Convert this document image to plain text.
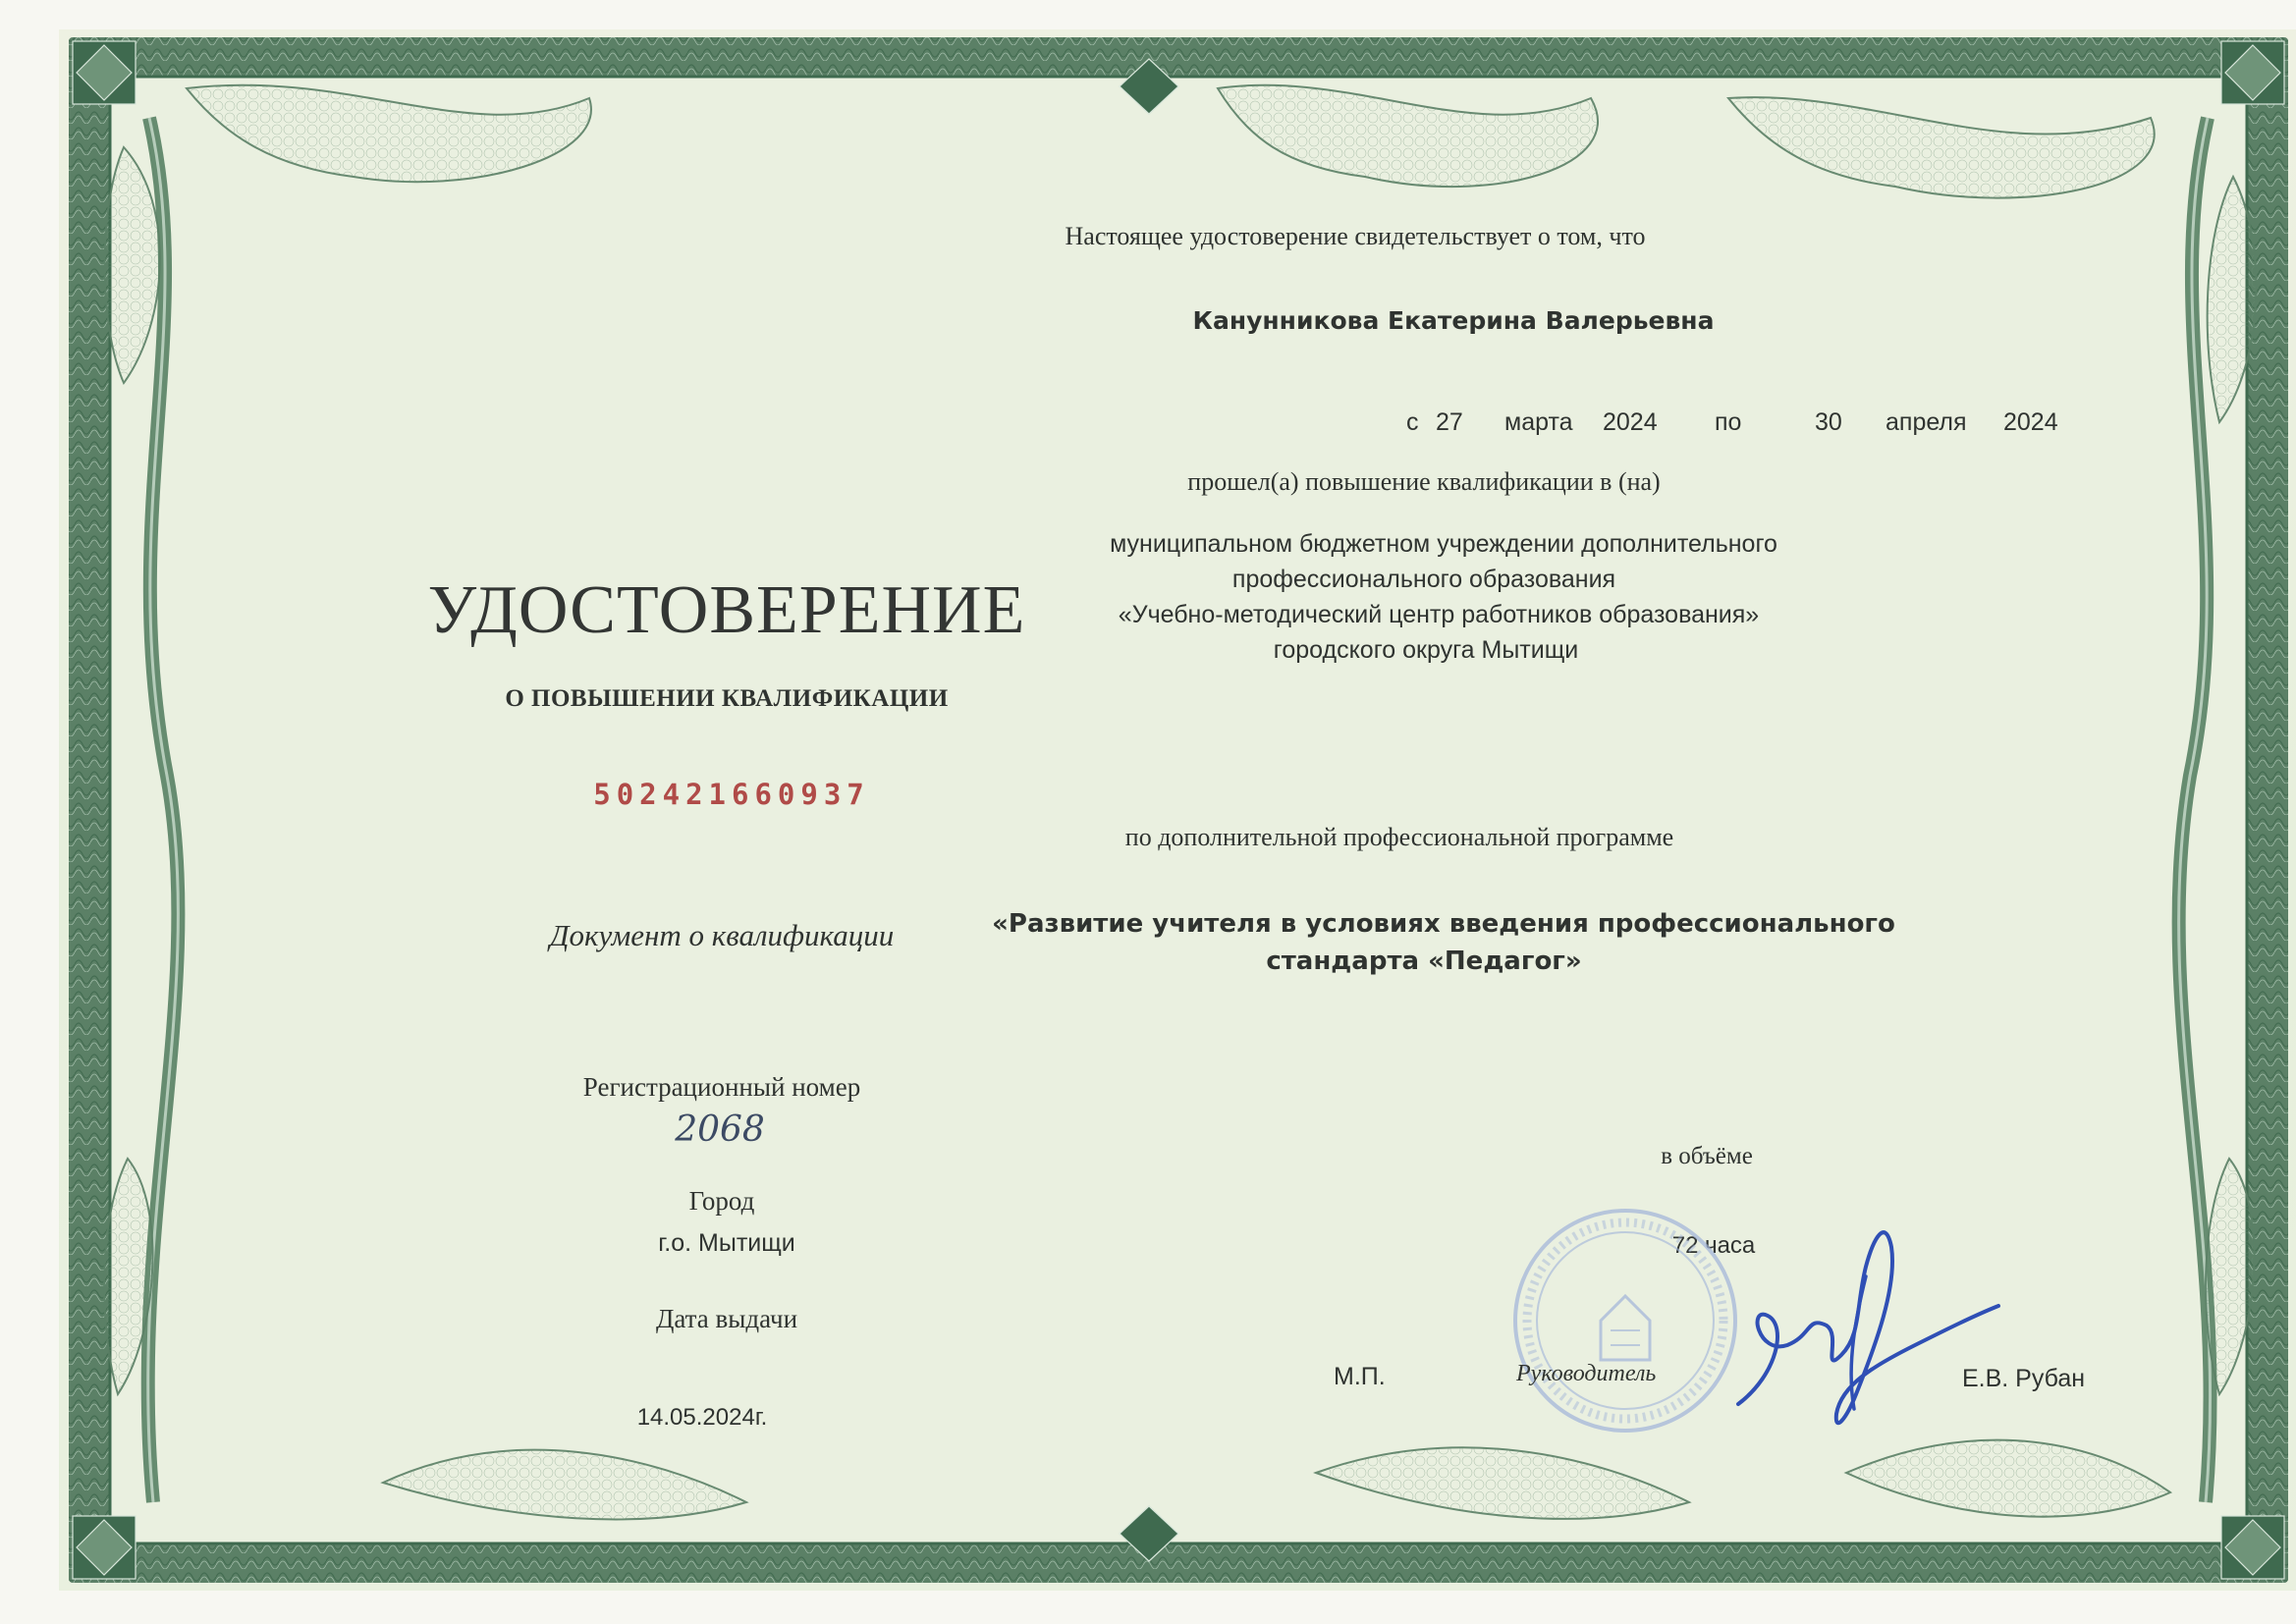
УДОСТОВЕРЕНИЕ
О ПОВЫШЕНИИ КВАЛИФИКАЦИИ
502421660937
Документ о квалификации
Регистрационный номер
2068
Город
г.о. Мытищи
Дата выдачи
14.05.2024г.
Настоящее удостоверение свидетельствует о том, что
Канунникова Екатерина Валерьевна
с 27 марта 2024 по	30 апреля 2024
прошел(а) повышение квалификации в (на)
муниципальном бюджетном учреждении дополнительного
профессионального образования
«Учебно-методический центр работников образования»
городского округа Мытищи
по дополнительной профессиональной программе
«Развитие учителя в условиях введения профессионального
стандарта «Педагог»
в объёме
72 часа
М.П.	Руководитель	Е.В. Рубан
